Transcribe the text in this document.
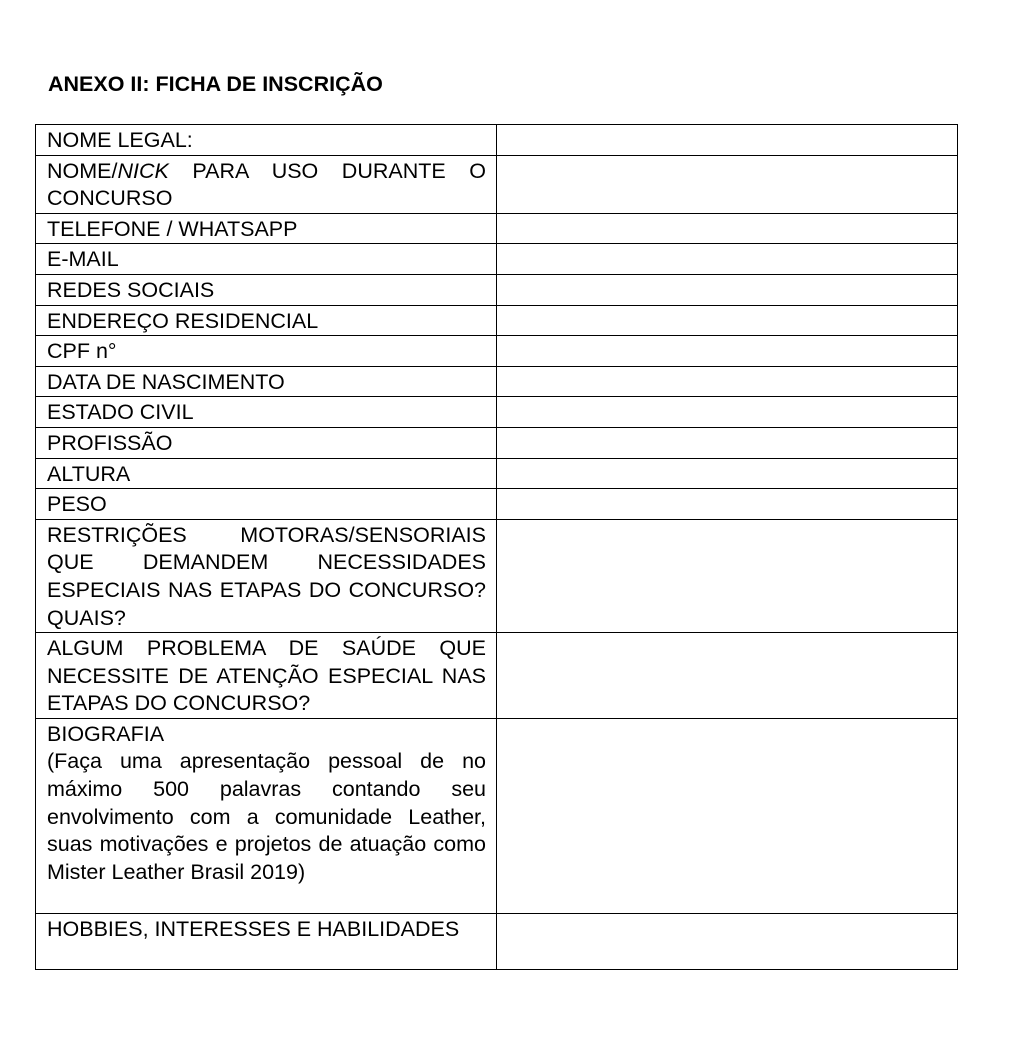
ANEXO II: FICHA DE INSCRIÇÃO
NOME LEGAL:	

NOME/NICK PARA USO DURANTE O CONCURSO	

TELEFONE / WHATSAPP	

E-MAIL	

REDES SOCIAIS	

ENDEREÇO RESIDENCIAL	

CPF n°	

DATA DE NASCIMENTO	

ESTADO CIVIL	

PROFISSÃO	

ALTURA	

PESO	

RESTRIÇÕES MOTORAS/SENSORIAIS QUE DEMANDEM NECESSIDADES ESPECIAIS NAS ETAPAS DO CONCURSO? QUAIS?	

ALGUM PROBLEMA DE SAÚDE QUE NECESSITE DE ATENÇÃO ESPECIAL NAS ETAPAS DO CONCURSO?	

BIOGRAFIA
(Faça uma apresentação pessoal de no máximo 500 palavras contando seu envolvimento com a comunidade Leather, suas motivações e projetos de atuação como Mister Leather Brasil 2019)	

HOBBIES, INTERESSES E HABILIDADES	
